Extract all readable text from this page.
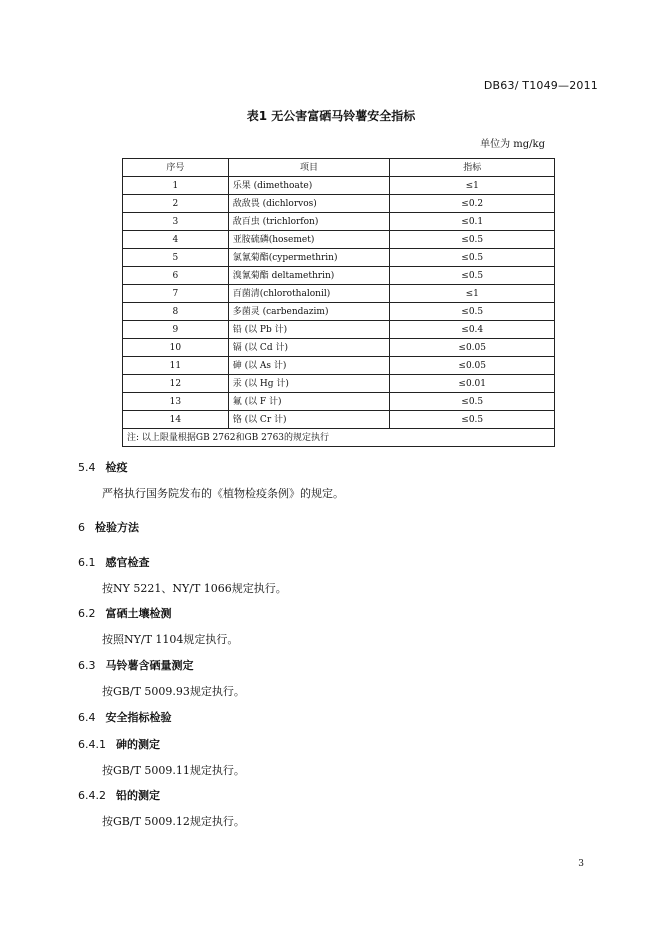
DB63/ T1049—2011
表1 无公害富硒马铃薯安全指标
单位为 mg/kg
序号	项目	指标
1	乐果 (dimethoate)	≤1
2	敌敌畏 (dichlorvos)	≤0.2
3	敌百虫 (trichlorfon)	≤0.1
4	亚胺硫磷(hosemet)	≤0.5
5	氯氰菊酯(cypermethrin)	≤0.5
6	溴氰菊酯 deltamethrin)	≤0.5
7	百菌清(chlorothalonil)	≤1
8	多菌灵 (carbendazim)	≤0.5
9	铅 (以 Pb 计)	≤0.4
10	镉 (以 Cd 计)	≤0.05
11	砷 (以 As 计)	≤0.05
12	汞 (以 Hg 计)	≤0.01
13	氟 (以 F 计)	≤0.5
14	铬 (以 Cr 计)	≤0.5
注: 以上限量根据GB 2762和GB 2763的规定执行		
5.4 检疫
严格执行国务院发布的《植物检疫条例》的规定。
6 检验方法
6.1 感官检查
按NY 5221、NY/T 1066规定执行。
6.2 富硒土壤检测
按照NY/T 1104规定执行。
6.3 马铃薯含硒量测定
按GB/T 5009.93规定执行。
6.4 安全指标检验
6.4.1 砷的测定
按GB/T 5009.11规定执行。
6.4.2 铅的测定
按GB/T 5009.12规定执行。
3
